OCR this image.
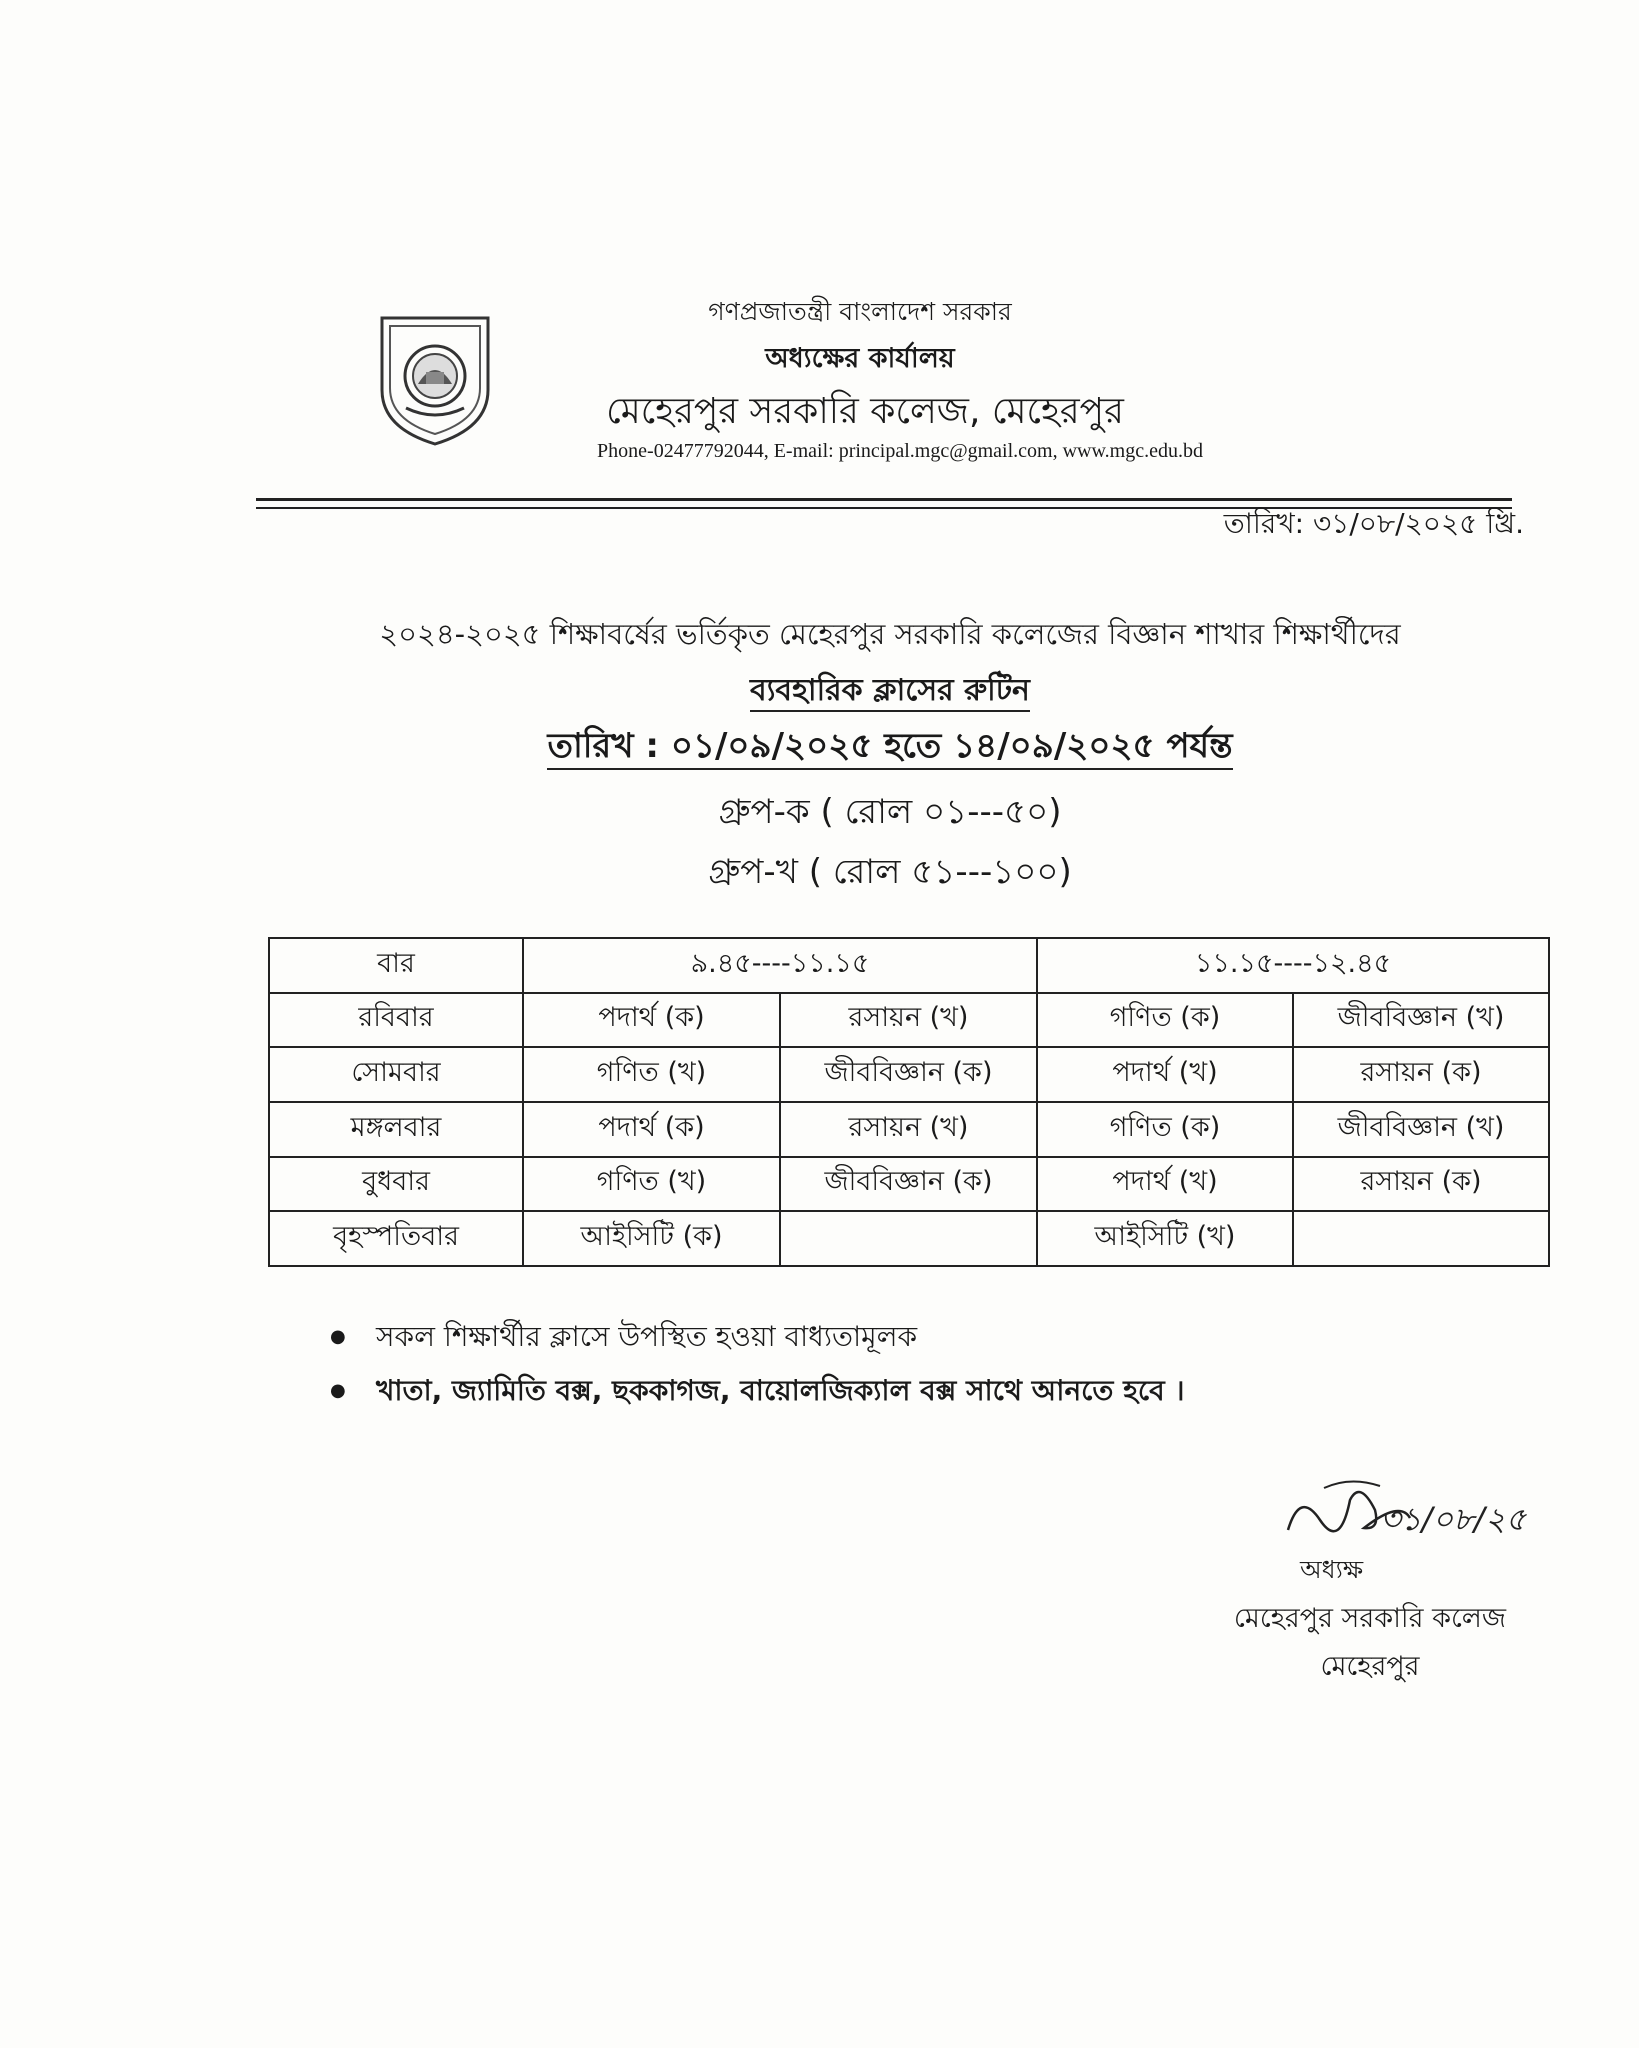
গণপ্রজাতন্ত্রী বাংলাদেশ সরকার
অধ্যক্ষের কার্যালয়
মেহেরপুর সরকারি কলেজ, মেহেরপুর
Phone-02477792044, E-mail: principal.mgc@gmail.com, www.mgc.edu.bd
তারিখ: ৩১/০৮/২০২৫ খ্রি.
২০২৪-২০২৫ শিক্ষাবর্ষের ভর্তিকৃত মেহেরপুর সরকারি কলেজের বিজ্ঞান শাখার শিক্ষার্থীদের
ব্যবহারিক ক্লাসের রুটিন
তারিখ : ০১/০৯/২০২৫ হতে ১৪/০৯/২০২৫ পর্যন্ত
গ্রুপ-ক ( রোল ০১---৫০)
গ্রুপ-খ ( রোল ৫১---১০০)
বার	৯.৪৫----১১.১৫		১১.১৫----১২.৪৫	
রবিবার	পদার্থ (ক)	রসায়ন (খ)	গণিত (ক)	জীববিজ্ঞান (খ)
সোমবার	গণিত (খ)	জীববিজ্ঞান (ক)	পদার্থ (খ)	রসায়ন (ক)
মঙ্গলবার	পদার্থ (ক)	রসায়ন (খ)	গণিত (ক)	জীববিজ্ঞান (খ)
বুধবার	গণিত (খ)	জীববিজ্ঞান (ক)	পদার্থ (খ)	রসায়ন (ক)
বৃহস্পতিবার	আইসিটি (ক)		আইসিটি (খ)	
● সকল শিক্ষার্থীর ক্লাসে উপস্থিত হওয়া বাধ্যতামূলক
● খাতা, জ্যামিতি বক্স, ছককাগজ, বায়োলজিক্যাল বক্স সাথে আনতে হবে ।
৩১/০৮/২৫
অধ্যক্ষ
মেহেরপুর সরকারি কলেজ
মেহেরপুর
